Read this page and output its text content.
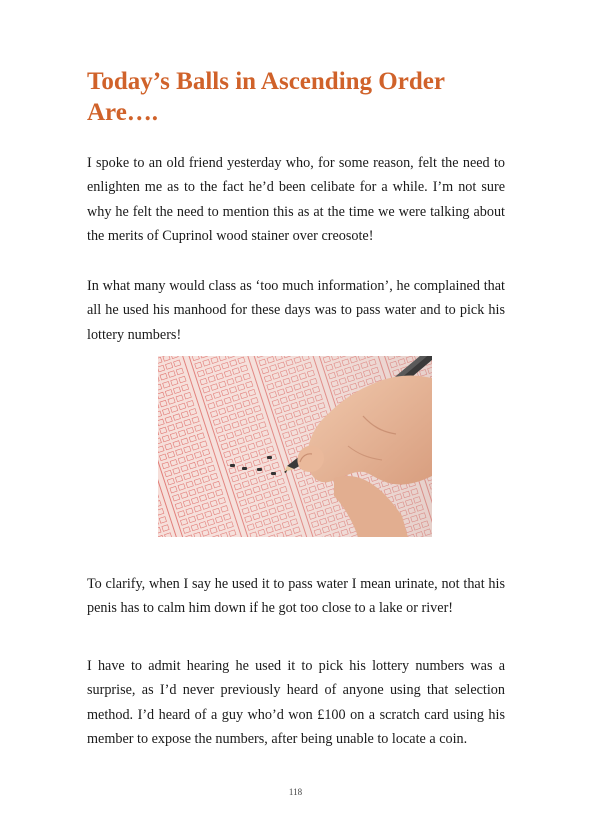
Today’s Balls in Ascending Order Are….

I spoke to an old friend yesterday who, for some reason, felt the need to enlighten me as to the fact he’d been celibate for a while. I’m not sure why he felt the need to mention this as at the time we were talking about the merits of Cuprinol wood stainer over creosote!

In what many would class as ‘too much information’, he complained that all he used his manhood for these days was to pass water and to pick his lottery numbers!

To clarify, when I say he used it to pass water I mean urinate, not that his penis has to calm him down if he got too close to a lake or river!

I have to admit hearing he used it to pick his lottery numbers was a surprise, as I’d never previously heard of anyone using that selection method. I’d heard of a guy who’d won £100 on a scratch card using his member to expose the numbers, after being unable to locate a coin.

118
